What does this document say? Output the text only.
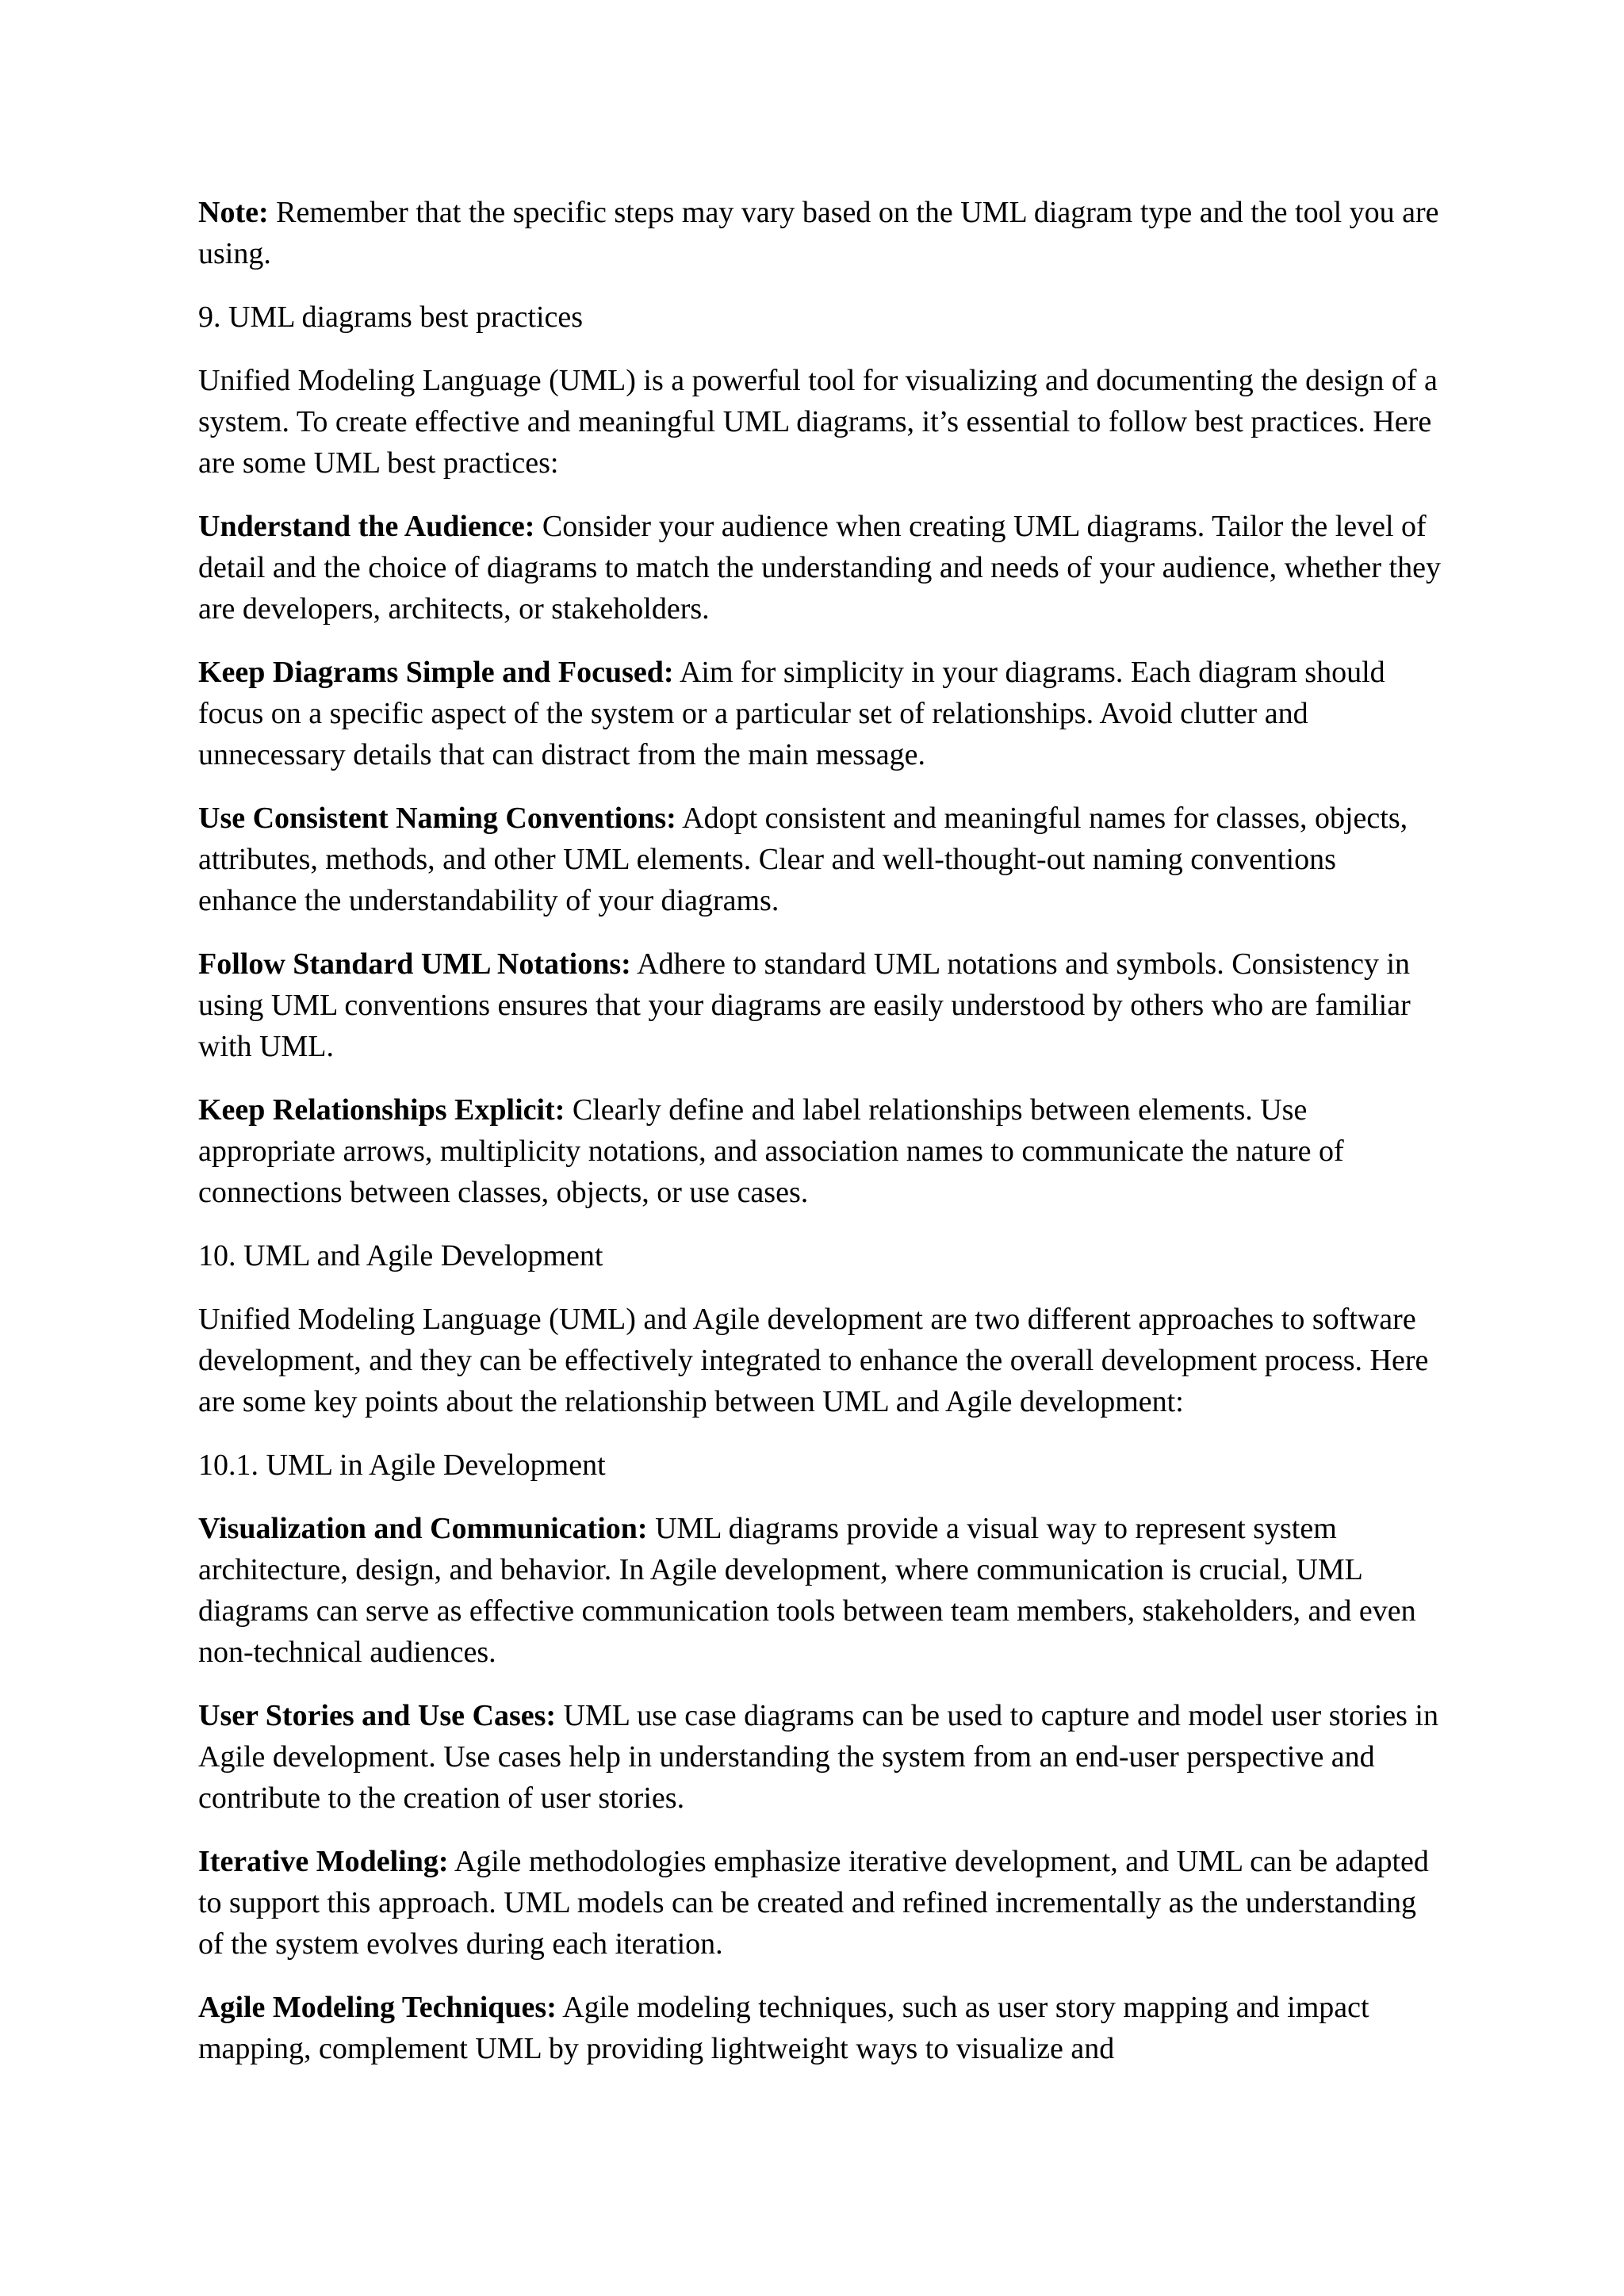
Note: Remember that the specific steps may vary based on the UML diagram type and the tool you are using.

9. UML diagrams best practices

Unified Modeling Language (UML) is a powerful tool for visualizing and documenting the design of a system. To create effective and meaningful UML diagrams, it’s essential to follow best practices. Here are some UML best practices:

Understand the Audience: Consider your audience when creating UML diagrams. Tailor the level of detail and the choice of diagrams to match the understanding and needs of your audience, whether they are developers, architects, or stakeholders.

Keep Diagrams Simple and Focused: Aim for simplicity in your diagrams. Each diagram should focus on a specific aspect of the system or a particular set of relationships. Avoid clutter and unnecessary details that can distract from the main message.

Use Consistent Naming Conventions: Adopt consistent and meaningful names for classes, objects, attributes, methods, and other UML elements. Clear and well-thought-out naming conventions enhance the understandability of your diagrams.

Follow Standard UML Notations: Adhere to standard UML notations and symbols. Consistency in using UML conventions ensures that your diagrams are easily understood by others who are familiar with UML.

Keep Relationships Explicit: Clearly define and label relationships between elements. Use appropriate arrows, multiplicity notations, and association names to communicate the nature of connections between classes, objects, or use cases.

10. UML and Agile Development

Unified Modeling Language (UML) and Agile development are two different approaches to software development, and they can be effectively integrated to enhance the overall development process. Here are some key points about the relationship between UML and Agile development:

10.1. UML in Agile Development

Visualization and Communication: UML diagrams provide a visual way to represent system architecture, design, and behavior. In Agile development, where communication is crucial, UML diagrams can serve as effective communication tools between team members, stakeholders, and even non-technical audiences.

User Stories and Use Cases: UML use case diagrams can be used to capture and model user stories in Agile development. Use cases help in understanding the system from an end-user perspective and contribute to the creation of user stories.

Iterative Modeling: Agile methodologies emphasize iterative development, and UML can be adapted to support this approach. UML models can be created and refined incrementally as the understanding of the system evolves during each iteration.

Agile Modeling Techniques: Agile modeling techniques, such as user story mapping and impact mapping, complement UML by providing lightweight ways to visualize and
